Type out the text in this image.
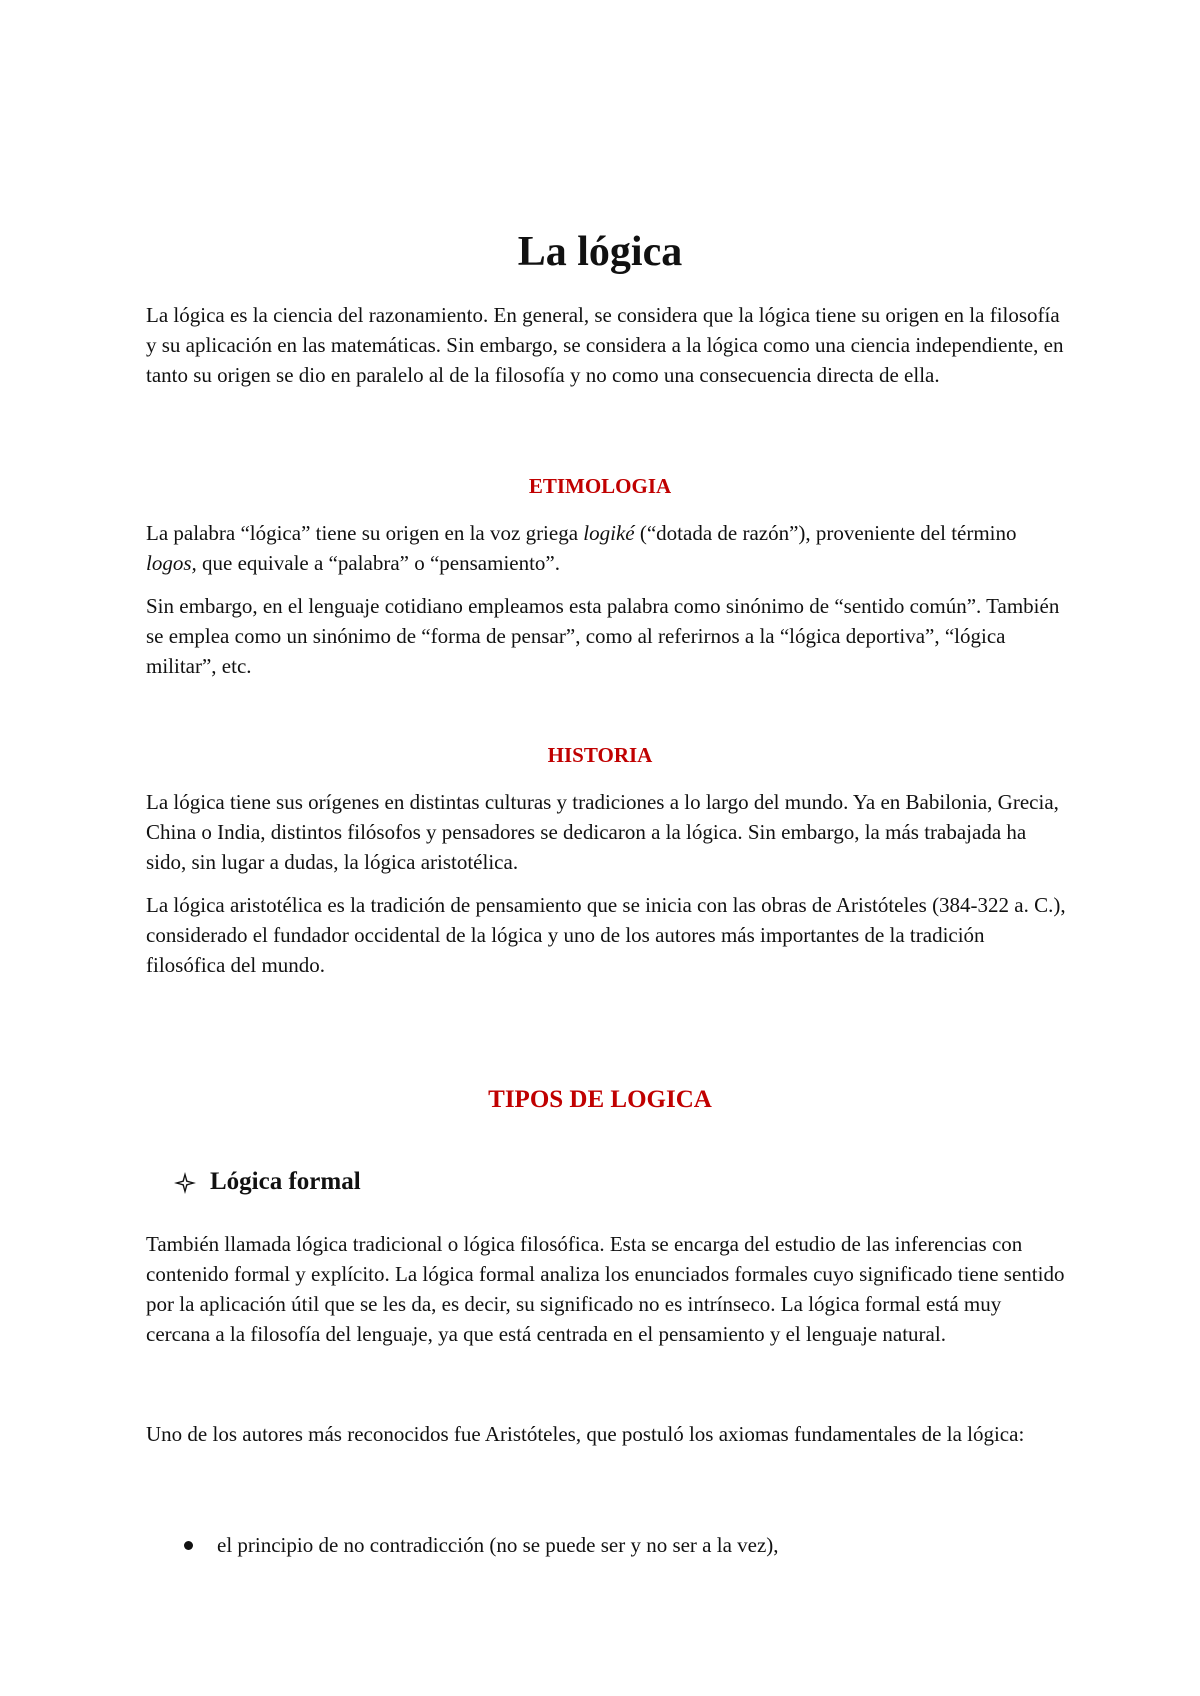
La lógica

La lógica es la ciencia del razonamiento. En general, se considera que la lógica tiene su origen en la filosofía y su aplicación en las matemáticas. Sin embargo, se considera a la lógica como una ciencia independiente, en tanto su origen se dio en paralelo al de la filosofía y no como una consecuencia directa de ella.

ETIMOLOGIA

La palabra “lógica” tiene su origen en la voz griega logiké (“dotada de razón”), proveniente del término logos, que equivale a “palabra” o “pensamiento”.

Sin embargo, en el lenguaje cotidiano empleamos esta palabra como sinónimo de “sentido común”. También se emplea como un sinónimo de “forma de pensar”, como al referirnos a la “lógica deportiva”, “lógica militar”, etc.

HISTORIA

La lógica tiene sus orígenes en distintas culturas y tradiciones a lo largo del mundo. Ya en Babilonia, Grecia, China o India, distintos filósofos y pensadores se dedicaron a la lógica. Sin embargo, la más trabajada ha sido, sin lugar a dudas, la lógica aristotélica.

La lógica aristotélica es la tradición de pensamiento que se inicia con las obras de Aristóteles (384-322 a. C.), considerado el fundador occidental de la lógica y uno de los autores más importantes de la tradición filosófica del mundo.

TIPOS DE LOGICA
Lógica formal

También llamada lógica tradicional o lógica filosófica. Esta se encarga del estudio de las inferencias con contenido formal y explícito. La lógica formal analiza los enunciados formales cuyo significado tiene sentido por la aplicación útil que se les da, es decir, su significado no es intrínseco. La lógica formal está muy cercana a la filosofía del lenguaje, ya que está centrada en el pensamiento y el lenguaje natural.

Uno de los autores más reconocidos fue Aristóteles, que postuló los axiomas fundamentales de la lógica:

el principio de no contradicción (no se puede ser y no ser a la vez),
